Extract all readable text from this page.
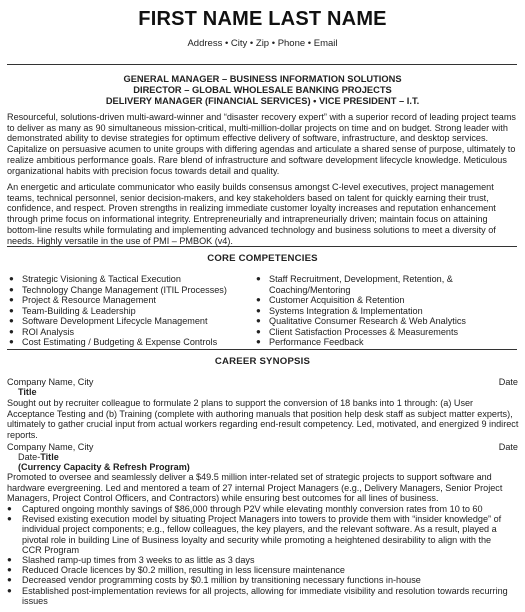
FIRST NAME LAST NAME
Address • City • Zip • Phone • Email
GENERAL MANAGER – BUSINESS INFORMATION SOLUTIONS
DIRECTOR – GLOBAL WHOLESALE BANKING PROJECTS
DELIVERY MANAGER (FINANCIAL SERVICES) • VICE PRESIDENT – I.T.

Resourceful, solutions-driven multi-award-winner and “disaster recovery expert” with a superior record of leading project teams to deliver as many as 90 simultaneous mission-critical, multi-million-dollar projects on time and on budget. Strong leader with demonstrated ability to devise strategies for optimum effective delivery of software, infrastructure, and desktop services. Capitalize on persuasive acumen to unite groups with differing agendas and articulate a shared sense of purpose, ultimately to realize ambitious performance goals. Rare blend of infrastructure and software development lifecycle knowledge. Meticulous organizational habits with precision focus towards detail and quality.

An energetic and articulate communicator who easily builds consensus amongst C-level executives, project management teams, technical personnel, senior decision-makers, and key stakeholders based on talent for quickly earning their trust, confidence, and respect. Proven strengths in realizing immediate customer loyalty increases and reputation enhancement through prime focus on informational integrity. Entrepreneurially and intrapreneurially driven; maintain focus on attaining bottom-line results while formulating and implementing advanced technology and business solutions to meet a diversity of needs. Highly versatile in the use of PMI – PMBOK (v4).

CORE COMPETENCIES
● Strategic Visioning & Tactical Execution
● Technology Change Management (ITIL Processes)
● Project & Resource Management
● Team-Building & Leadership
● Software Development Lifecycle Management
● ROI Analysis
● Cost Estimating / Budgeting & Expense Controls
● Staff Recruitment, Development, Retention, & Coaching/Mentoring
● Customer Acquisition & Retention
● Systems Integration & Implementation
● Qualitative Consumer Research & Web Analytics
● Client Satisfaction Processes & Measurements
● Performance Feedback
CAREER SYNOPSIS
Company Name, City	Date
Title

Sought out by recruiter colleague to formulate 2 plans to support the conversion of 18 banks into 1 through: (a) User Acceptance Testing and (b) Training (complete with authoring manuals that position help desk staff as subject matter experts), ultimately to gather crucial input from actual workers regarding end-result competency. Led, motivated, and energized 9 indirect reports.

Company Name, City	Date
Date-Title
(Currency Capacity & Refresh Program)

Promoted to oversee and seamlessly deliver a $49.5 million inter-related set of strategic projects to support software and hardware evergreening. Led and mentored a team of 27 internal Project Managers (e.g., Delivery Managers, Senior Project Managers, Project Control Officers, and Contractors) while ensuring best outcomes for all lines of business.

● Captured ongoing monthly savings of $86,000 through P2V while elevating monthly conversion rates from 10 to 60
● Revised existing execution model by situating Project Managers into towers to provide them with “insider knowledge” of individual project components; e.g., fellow colleagues, the key players, and the relevant software. As a result, played a pivotal role in building Line of Business loyalty and security while promoting a heightened desirability to align with the CCR Program
● Slashed ramp-up times from 3 weeks to as little as 3 days
● Reduced Oracle licences by $0.2 million, resulting in less licensure maintenance
● Decreased vendor programming costs by $0.1 million by transitioning necessary functions in-house
● Established post-implementation reviews for all projects, allowing for immediate visibility and resolution towards recurring issues
